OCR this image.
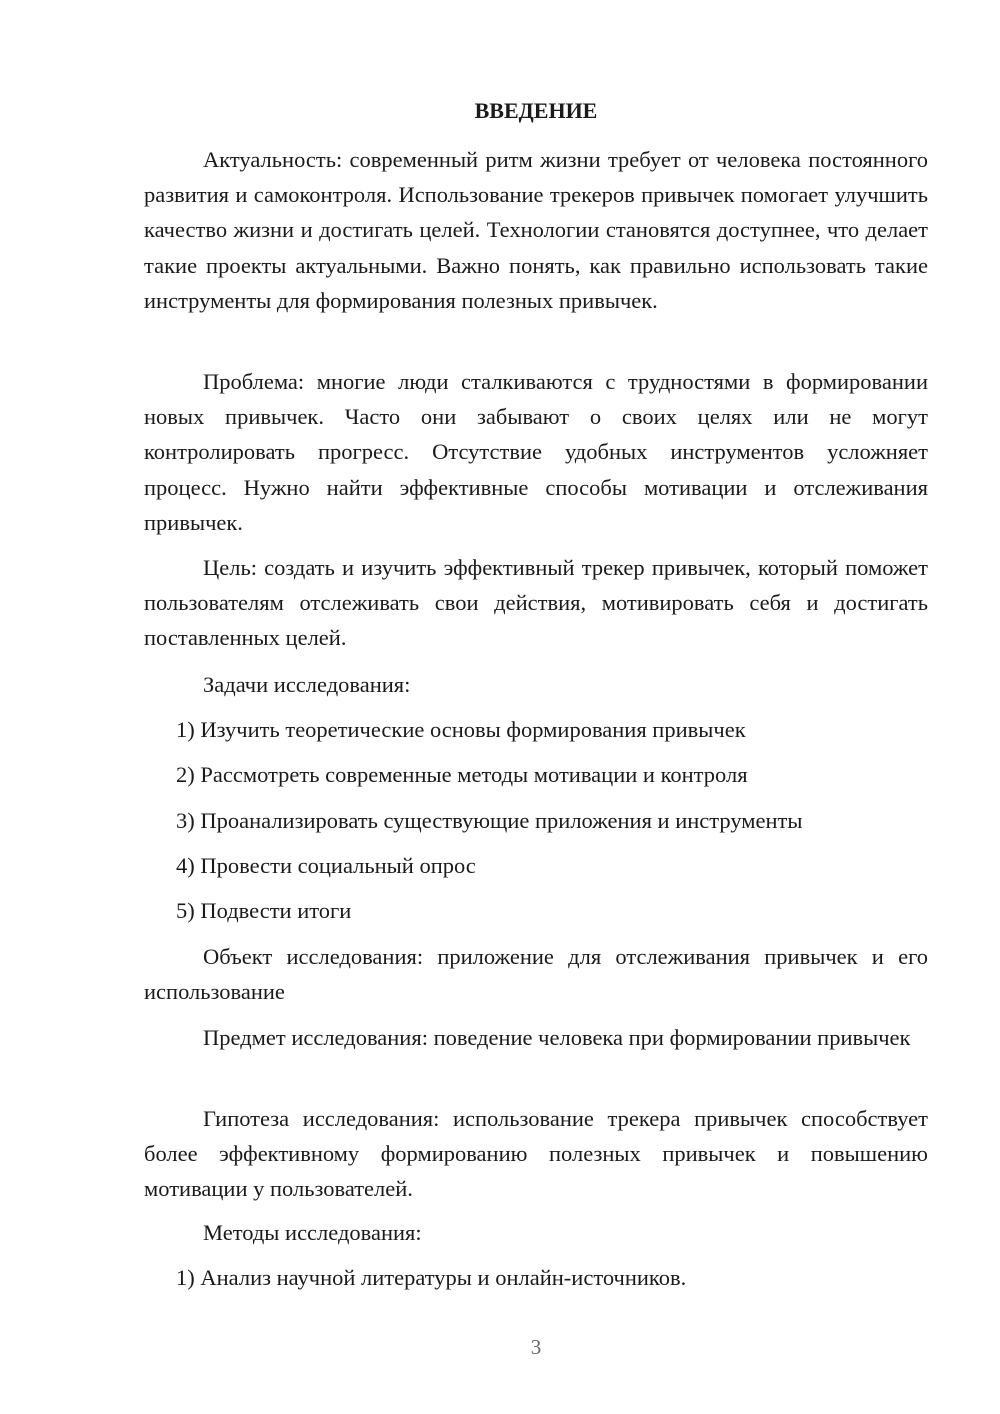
ВВЕДЕНИЕ

Актуальность: современный ритм жизни требует от человека постоянного развития и самоконтроля. Использование трекеров привычек помогает улучшить качество жизни и достигать целей. Технологии становятся доступнее, что делает такие проекты актуальными. Важно понять, как правильно использовать такие инструменты для формирования полезных привычек.

Проблема: многие люди сталкиваются с трудностями в формировании новых привычек. Часто они забывают о своих целях или не могут контролировать прогресс. Отсутствие удобных инструментов усложняет процесс. Нужно найти эффективные способы мотивации и отслеживания привычек.

Цель: создать и изучить эффективный трекер привычек, который поможет пользователям отслеживать свои действия, мотивировать себя и достигать поставленных целей.

Задачи исследования:

1) Изучить теоретические основы формирования привычек

2) Рассмотреть современные методы мотивации и контроля

3) Проанализировать существующие приложения и инструменты

4) Провести социальный опрос

5) Подвести итоги

Объект исследования: приложение для отслеживания привычек и его использование

Предмет исследования: поведение человека при формировании привычек

Гипотеза исследования: использование трекера привычек способствует более эффективному формированию полезных привычек и повышению мотивации у пользователей.

Методы исследования:

1) Анализ научной литературы и онлайн-источников.

3
